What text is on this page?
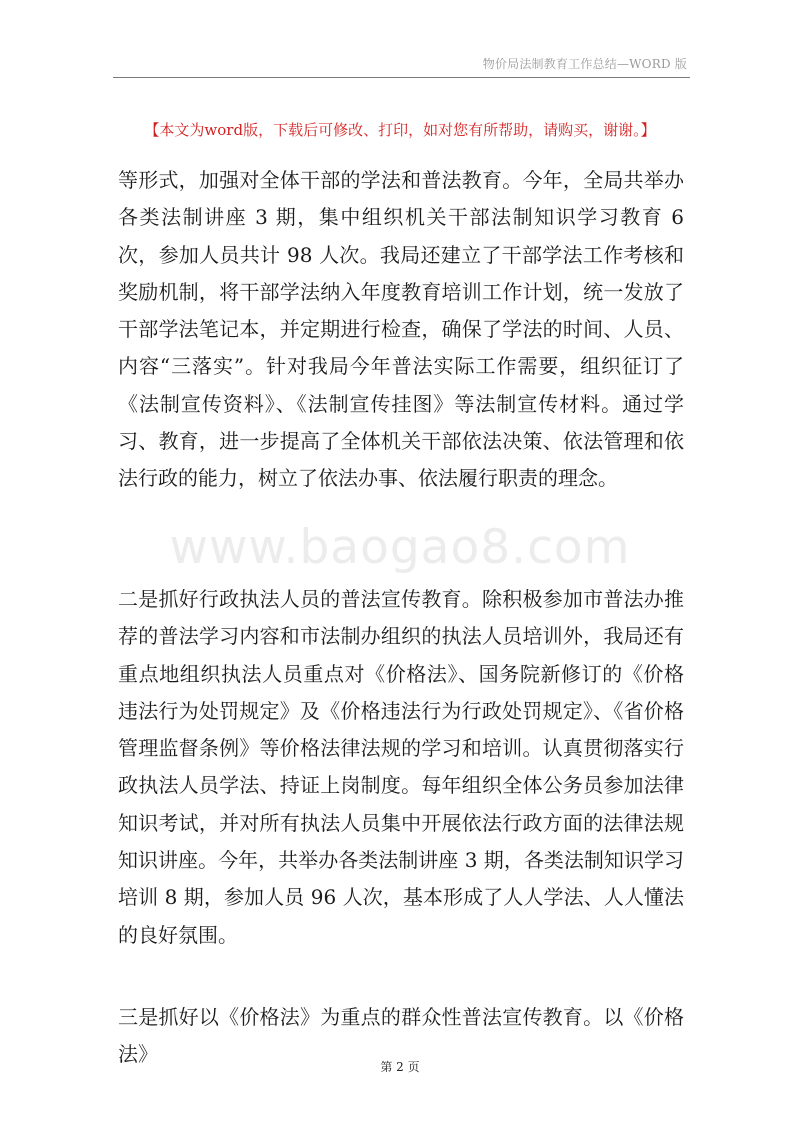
物价局法制教育工作总结—WORD 版
【本文为word版，下载后可修改、打印，如对您有所帮助，请购买，谢谢。】

等形式，加强对全体干部的学法和普法教育。今年，全局共举办各类法制讲座 3 期，集中组织机关干部法制知识学习教育 6 次，参加人员共计 98 人次。我局还建立了干部学法工作考核和奖励机制，将干部学法纳入年度教育培训工作计划，统一发放了干部学法笔记本，并定期进行检查，确保了学法的时间、人员、内容“三落实”。针对我局今年普法实际工作需要，组织征订了《法制宣传资料》、《法制宣传挂图》等法制宣传材料。通过学习、教育，进一步提高了全体机关干部依法决策、依法管理和依法行政的能力，树立了依法办事、依法履行职责的理念。

www.baogao8.com

二是抓好行政执法人员的普法宣传教育。除积极参加市普法办推荐的普法学习内容和市法制办组织的执法人员培训外，我局还有重点地组织执法人员重点对《价格法》、国务院新修订的《价格违法行为处罚规定》及《价格违法行为行政处罚规定》、《省价格管理监督条例》等价格法律法规的学习和培训。认真贯彻落实行政执法人员学法、持证上岗制度。每年组织全体公务员参加法律知识考试，并对所有执法人员集中开展依法行政方面的法律法规知识讲座。今年，共举办各类法制讲座 3 期，各类法制知识学习培训 8 期，参加人员 96 人次，基本形成了人人学法、人人懂法的良好氛围。

三是抓好以《价格法》为重点的群众性普法宣传教育。以《价格法》

第 2 页
